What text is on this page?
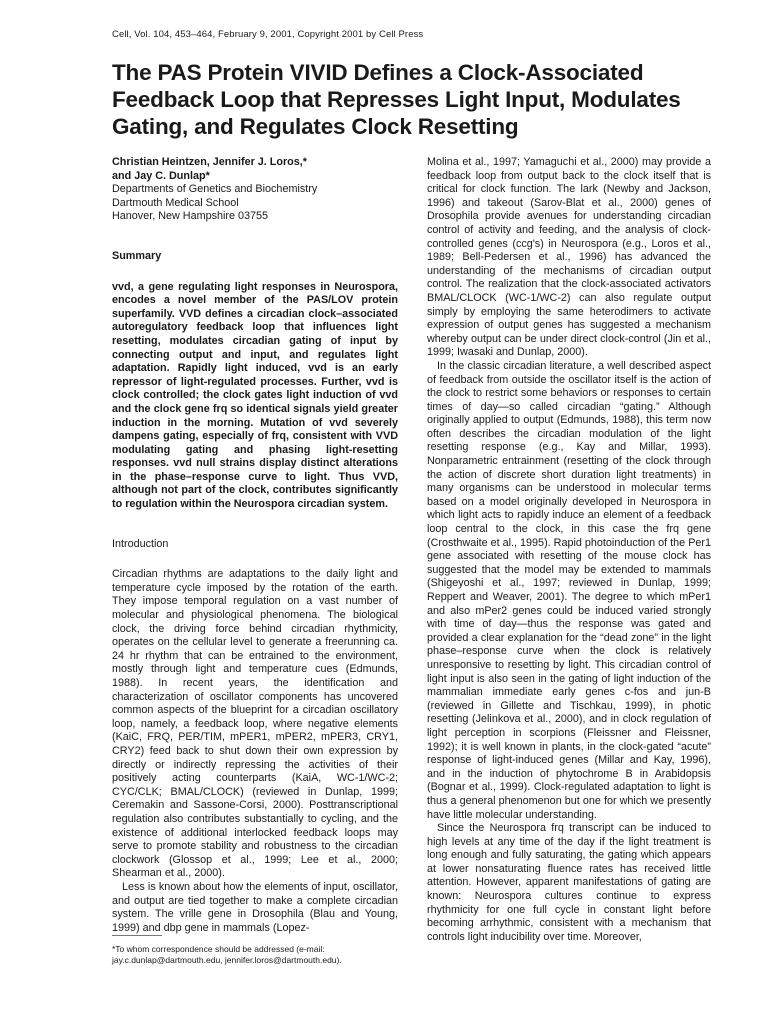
Cell, Vol. 104, 453–464, February 9, 2001, Copyright 2001 by Cell Press
The PAS Protein VIVID Defines a Clock-Associated Feedback Loop that Represses Light Input, Modulates Gating, and Regulates Clock Resetting

Christian Heintzen, Jennifer J. Loros,*

and Jay C. Dunlap*

Departments of Genetics and Biochemistry
Dartmouth Medical School
Hanover, New Hampshire 03755

Summary

vvd, a gene regulating light responses in Neurospora, encodes a novel member of the PAS/LOV protein superfamily. VVD defines a circadian clock–associated autoregulatory feedback loop that influences light resetting, modulates circadian gating of input by connecting output and input, and regulates light adaptation. Rapidly light induced, vvd is an early repressor of light-regulated processes. Further, vvd is clock controlled; the clock gates light induction of vvd and the clock gene frq so identical signals yield greater induction in the morning. Mutation of vvd severely dampens gating, especially of frq, consistent with VVD modulating gating and phasing light-resetting responses. vvd null strains display distinct alterations in the phase–response curve to light. Thus VVD, although not part of the clock, contributes significantly to regulation within the Neurospora circadian system.

Introduction

Circadian rhythms are adaptations to the daily light and temperature cycle imposed by the rotation of the earth. They impose temporal regulation on a vast number of molecular and physiological phenomena. The biological clock, the driving force behind circadian rhythmicity, operates on the cellular level to generate a freerunning ca. 24 hr rhythm that can be entrained to the environment, mostly through light and temperature cues (Edmunds, 1988). In recent years, the identification and characterization of oscillator components has uncovered common aspects of the blueprint for a circadian oscillatory loop, namely, a feedback loop, where negative elements (KaiC, FRQ, PER/TIM, mPER1, mPER2, mPER3, CRY1, CRY2) feed back to shut down their own expression by directly or indirectly repressing the activities of their positively acting counterparts (KaiA, WC-1/WC-2; CYC/CLK; BMAL/CLOCK) (reviewed in Dunlap, 1999; Ceremakin and Sassone-Corsi, 2000). Posttranscriptional regulation also contributes substantially to cycling, and the existence of additional interlocked feedback loops may serve to promote stability and robustness to the circadian clockwork (Glossop et al., 1999; Lee et al., 2000; Shearman et al., 2000).

Less is known about how the elements of input, oscillator, and output are tied together to make a complete circadian system. The vrille gene in Drosophila (Blau and Young, 1999) and dbp gene in mammals (Lopez-

Molina et al., 1997; Yamaguchi et al., 2000) may provide a feedback loop from output back to the clock itself that is critical for clock function. The lark (Newby and Jackson, 1996) and takeout (Sarov-Blat et al., 2000) genes of Drosophila provide avenues for understanding circadian control of activity and feeding, and the analysis of clock-controlled genes (ccg's) in Neurospora (e.g., Loros et al., 1989; Bell-Pedersen et al., 1996) has advanced the understanding of the mechanisms of circadian output control. The realization that the clock-associated activators BMAL/CLOCK (WC-1/WC-2) can also regulate output simply by employing the same heterodimers to activate expression of output genes has suggested a mechanism whereby output can be under direct clock-control (Jin et al., 1999; Iwasaki and Dunlap, 2000).

In the classic circadian literature, a well described aspect of feedback from outside the oscillator itself is the action of the clock to restrict some behaviors or responses to certain times of day—so called circadian “gating.” Although originally applied to output (Edmunds, 1988), this term now often describes the circadian modulation of the light resetting response (e.g., Kay and Millar, 1993). Nonparametric entrainment (resetting of the clock through the action of discrete short duration light treatments) in many organisms can be understood in molecular terms based on a model originally developed in Neurospora in which light acts to rapidly induce an element of a feedback loop central to the clock, in this case the frq gene (Crosthwaite et al., 1995). Rapid photoinduction of the Per1 gene associated with resetting of the mouse clock has suggested that the model may be extended to mammals (Shigeyoshi et al., 1997; reviewed in Dunlap, 1999; Reppert and Weaver, 2001). The degree to which mPer1 and also mPer2 genes could be induced varied strongly with time of day—thus the response was gated and provided a clear explanation for the “dead zone” in the light phase–response curve when the clock is relatively unresponsive to resetting by light. This circadian control of light input is also seen in the gating of light induction of the mammalian immediate early genes c-fos and jun-B (reviewed in Gillette and Tischkau, 1999), in photic resetting (Jelinkova et al., 2000), and in clock regulation of light perception in scorpions (Fleissner and Fleissner, 1992); it is well known in plants, in the clock-gated “acute” response of light-induced genes (Millar and Kay, 1996), and in the induction of phytochrome B in Arabidopsis (Bognar et al., 1999). Clock-regulated adaptation to light is thus a general phenomenon but one for which we presently have little molecular understanding.

Since the Neurospora frq transcript can be induced to high levels at any time of the day if the light treatment is long enough and fully saturating, the gating which appears at lower nonsaturating fluence rates has received little attention. However, apparent manifestations of gating are known: Neurospora cultures continue to express rhythmicity for one full cycle in constant light before becoming arrhythmic, consistent with a mechanism that controls light inducibility over time. Moreover,

*To whom correspondence should be addressed (e-mail: jay.c.dunlap@dartmouth.edu, jennifer.loros@dartmouth.edu).
